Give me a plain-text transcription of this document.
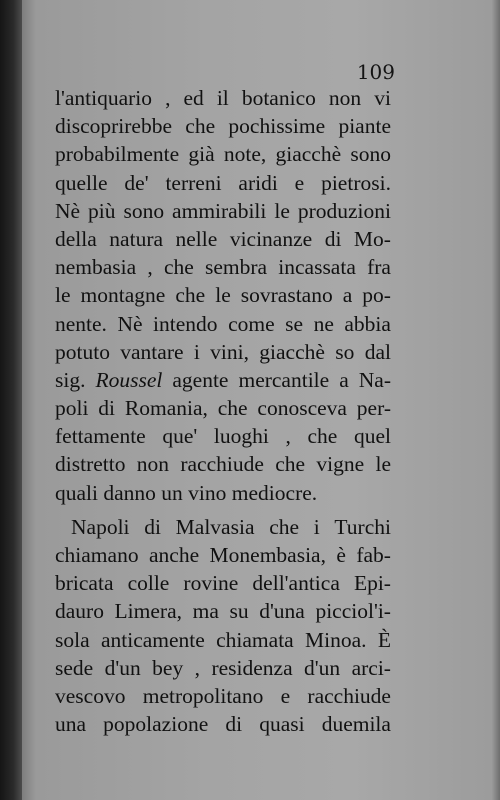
109
l'antiquario , ed il botanico non vi
discoprirebbe che pochissime piante
probabilmente già note, giacchè sono
quelle de' terreni aridi e pietrosi.
Nè più sono ammirabili le produzioni
della natura nelle vicinanze di Mo-
nembasia , che sembra incassata fra
le montagne che le sovrastano a po-
nente. Nè intendo come se ne abbia
potuto vantare i vini, giacchè so dal
sig. Roussel agente mercantile a Na-
poli di Romania, che conosceva per-
fettamente que' luoghi , che quel
distretto non racchiude che vigne le
quali danno un vino mediocre.
Napoli di Malvasia che i Turchi
chiamano anche Monembasia, è fab-
bricata colle rovine dell'antica Epi-
dauro Limera, ma su d'una picciol'i-
sola anticamente chiamata Minoa. È
sede d'un bey , residenza d'un arci-
vescovo metropolitano e racchiude
una popolazione di quasi duemila
